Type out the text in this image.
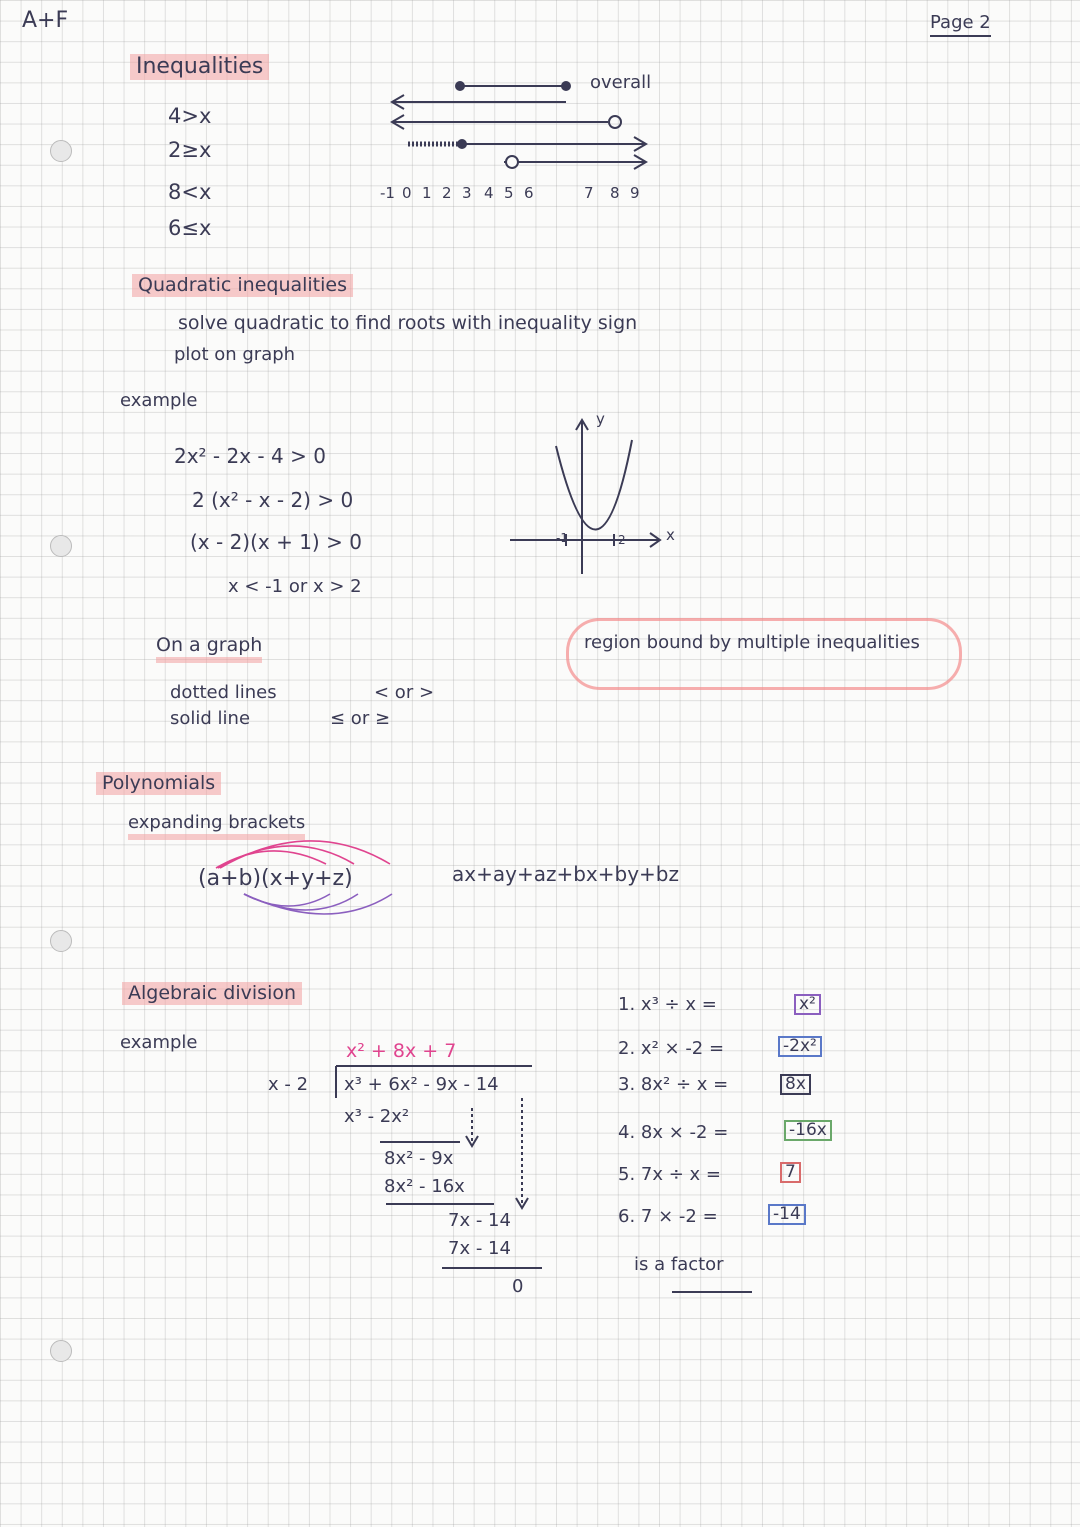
A+F	Page 2
Inequalities
4>x
2≥x
8<x
6≤x
overall
-1 0 1 2 3 4 5 6	7 8 9
Quadratic inequalities
solve quadratic to find roots with inequality sign
plot on graph
example
2x² - 2x - 4 > 0
2 (x² - x - 2) > 0
(x - 2)(x + 1) > 0
x < -1 or x > 2
y
x
-1	2
On a graph
dotted lines	< or >
solid line	≤ or ≥
region bound by multiple inequalities
Polynomials
expanding brackets
(a+b)(x+y+z)	ax+ay+az+bx+by+bz
Algebraic division
example	x² + 8x + 7
x - 2 x³ + 6x² - 9x - 14
x³ - 2x²
8x² - 9x
8x² - 16x
7x - 14
7x - 14
0
1. x³ ÷ x =	x²
2. x² × -2 =	-2x²
3. 8x² ÷ x =	8x
4. 8x × -2 =	-16x
5. 7x ÷ x =	7
6. 7 × -2 =	-14
is a factor
